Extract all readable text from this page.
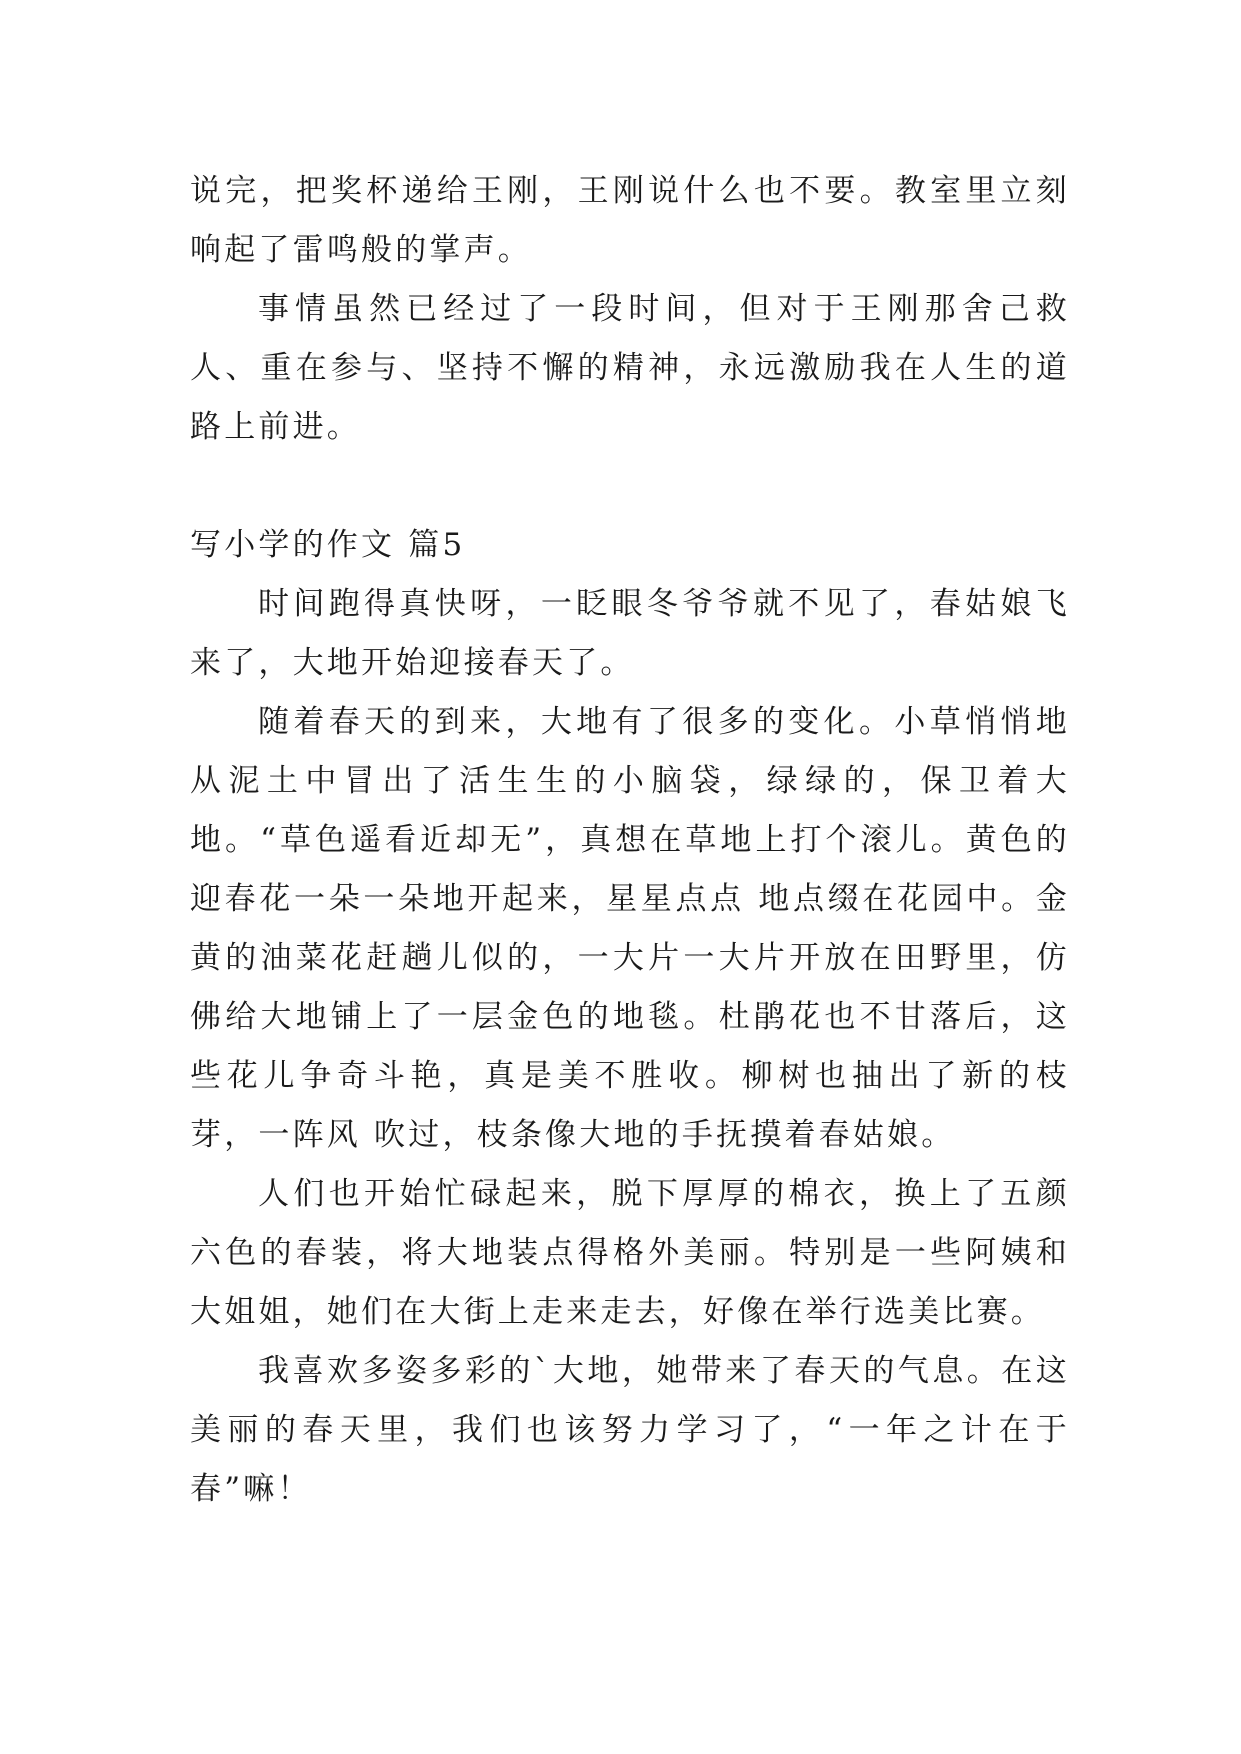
说完，把奖杯递给王刚，王刚说什么也不要。教室里立刻响起了雷鸣般的掌声。

事情虽然已经过了一段时间，但对于王刚那舍己救人、重在参与、坚持不懈的精神，永远激励我在人生的道路上前进。

写小学的作文 篇5

时间跑得真快呀，一眨眼冬爷爷就不见了，春姑娘飞来了，大地开始迎接春天了。

随着春天的到来，大地有了很多的变化。小草悄悄地从泥土中冒出了活生生的小脑袋，绿绿的，保卫着大地。“草色遥看近却无”，真想在草地上打个滚儿。黄色的迎春花一朵一朵地开起来，星星点点 地点缀在花园中。金黄的油菜花赶趟儿似的，一大片一大片开放在田野里，仿佛给大地铺上了一层金色的地毯。杜鹃花也不甘落后，这些花儿争奇斗艳，真是美不胜收。柳树也抽出了新的枝芽，一阵风 吹过，枝条像大地的手抚摸着春姑娘。

人们也开始忙碌起来，脱下厚厚的棉衣，换上了五颜六色的春装，将大地装点得格外美丽。特别是一些阿姨和大姐姐，她们在大街上走来走去，好像在举行选美比赛。

我喜欢多姿多彩的`大地，她带来了春天的气息。在这美丽的春天里，我们也该努力学习了，“一年之计在于春”嘛！
